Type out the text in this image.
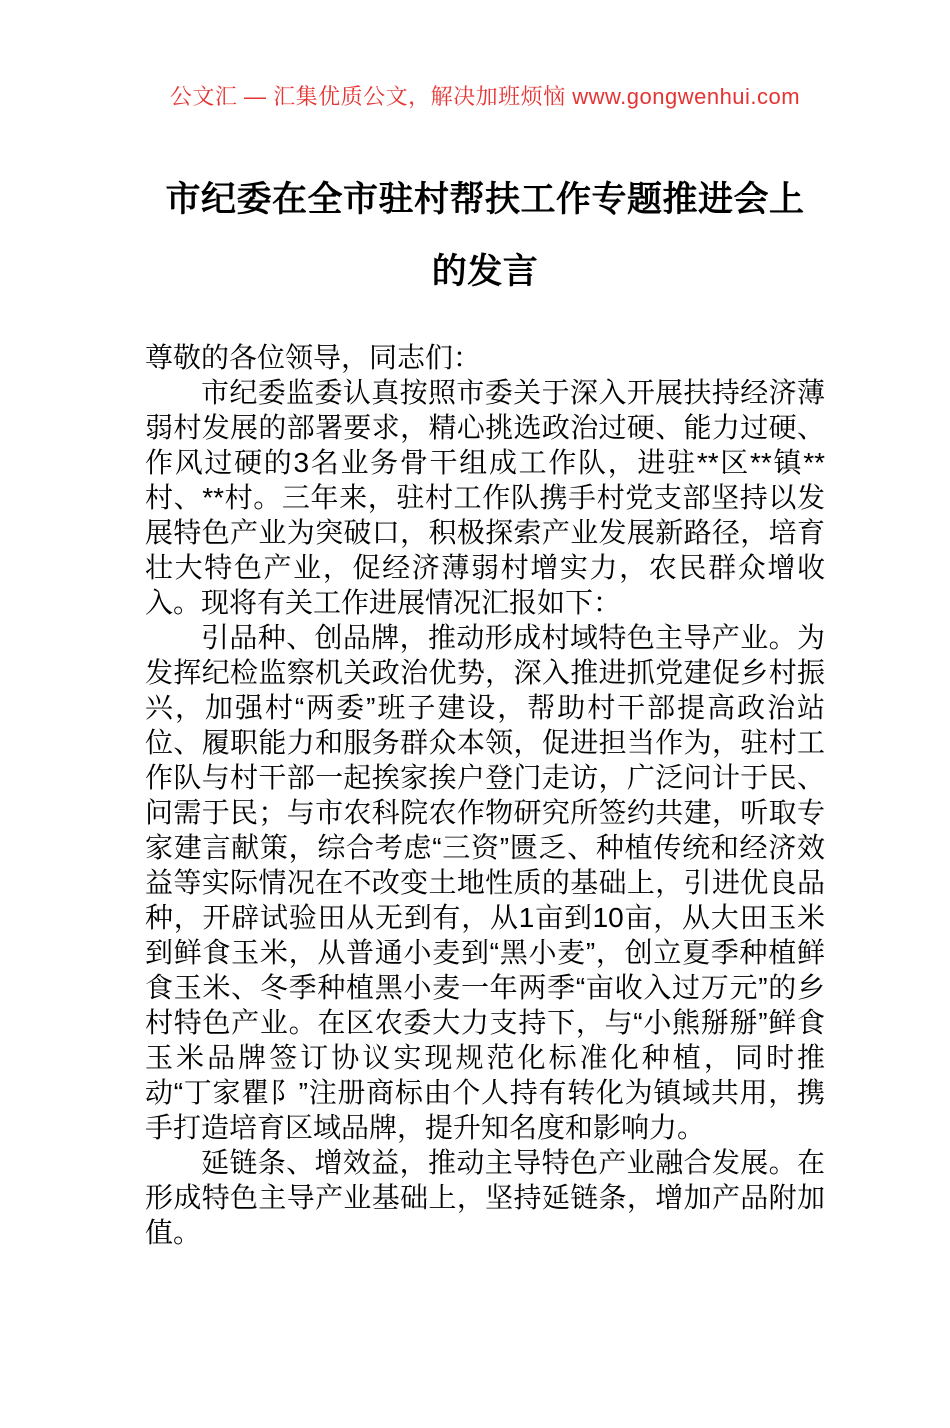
公文汇 — 汇集优质公文，解决加班烦恼 www.gongwenhui.com
市纪委在全市驻村帮扶工作专题推进会上
的发言

尊敬的各位领导，同志们：

市纪委监委认真按照市委关于深入开展扶持经济薄弱村发展的部署要求，精心挑选政治过硬、能力过硬、作风过硬的3名业务骨干组成工作队，进驻**区**镇**村、**村。三年来，驻村工作队携手村党支部坚持以发展特色产业为突破口，积极探索产业发展新路径，培育壮大特色产业，促经济薄弱村增实力，农民群众增收入。现将有关工作进展情况汇报如下：

引品种、创品牌，推动形成村域特色主导产业。为发挥纪检监察机关政治优势，深入推进抓党建促乡村振兴，加强村“两委”班子建设，帮助村干部提高政治站位、履职能力和服务群众本领，促进担当作为，驻村工作队与村干部一起挨家挨户登门走访，广泛问计于民、问需于民；与市农科院农作物研究所签约共建，听取专家建言献策，综合考虑“三资”匮乏、种植传统和经济效益等实际情况在不改变土地性质的基础上，引进优良品种，开辟试验田从无到有，从1亩到10亩，从大田玉米到鲜食玉米，从普通小麦到“黑小麦”，创立夏季种植鲜食玉米、冬季种植黑小麦一年两季“亩收入过万元”的乡村特色产业。在区农委大力支持下，与“小熊掰掰”鲜食玉米品牌签订协议实现规范化标准化种植，同时推动“丁家瞿阝”注册商标由个人持有转化为镇域共用，携手打造培育区域品牌，提升知名度和影响力。

延链条、增效益，推动主导特色产业融合发展。在形成特色主导产业基础上，坚持延链条，增加产品附加值。
